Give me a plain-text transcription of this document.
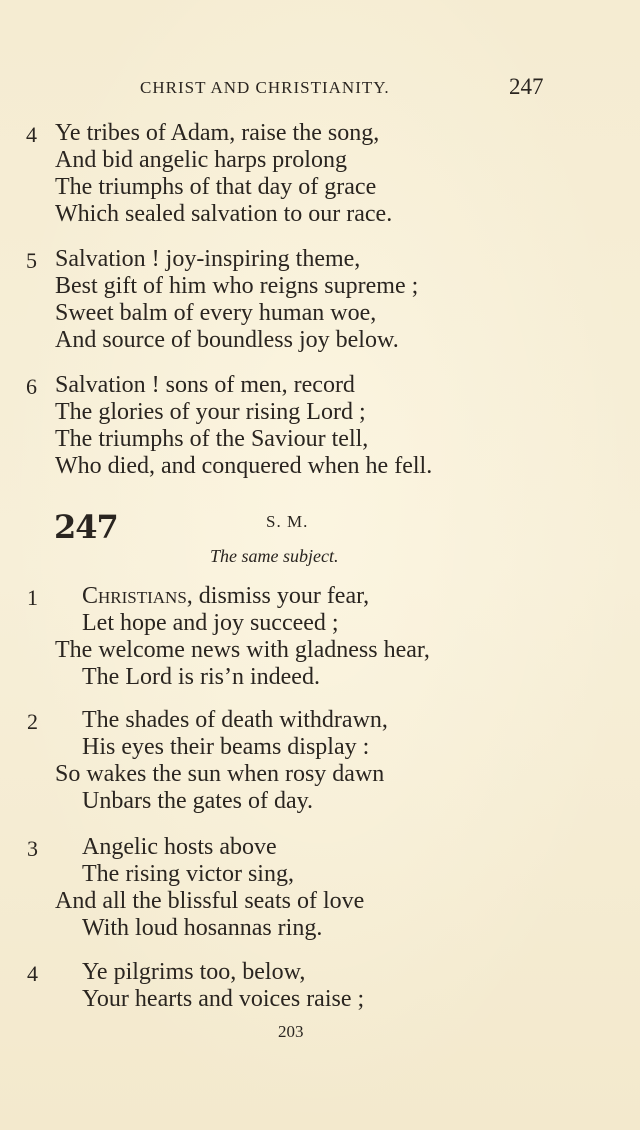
CHRIST AND CHRISTIANITY.	247
4 Ye tribes of Adam, raise the song,
And bid angelic harps prolong
The triumphs of that day of grace
Which sealed salvation to our race.
5 Salvation ! joy-inspiring theme,
Best gift of him who reigns supreme ;
Sweet balm of every human woe,
And source of boundless joy below.
6 Salvation ! sons of men, record
The glories of your rising Lord ;
The triumphs of the Saviour tell,
Who died, and conquered when he fell.
247	S. M.
The same subject.
1 Christians, dismiss your fear,
Let hope and joy succeed ;
The welcome news with gladness hear,
The Lord is ris’n indeed.
2 The shades of death withdrawn,
His eyes their beams display :
So wakes the sun when rosy dawn
Unbars the gates of day.
3 Angelic hosts above
The rising victor sing,
And all the blissful seats of love
With loud hosannas ring.
4 Ye pilgrims too, below,
Your hearts and voices raise ;
203
